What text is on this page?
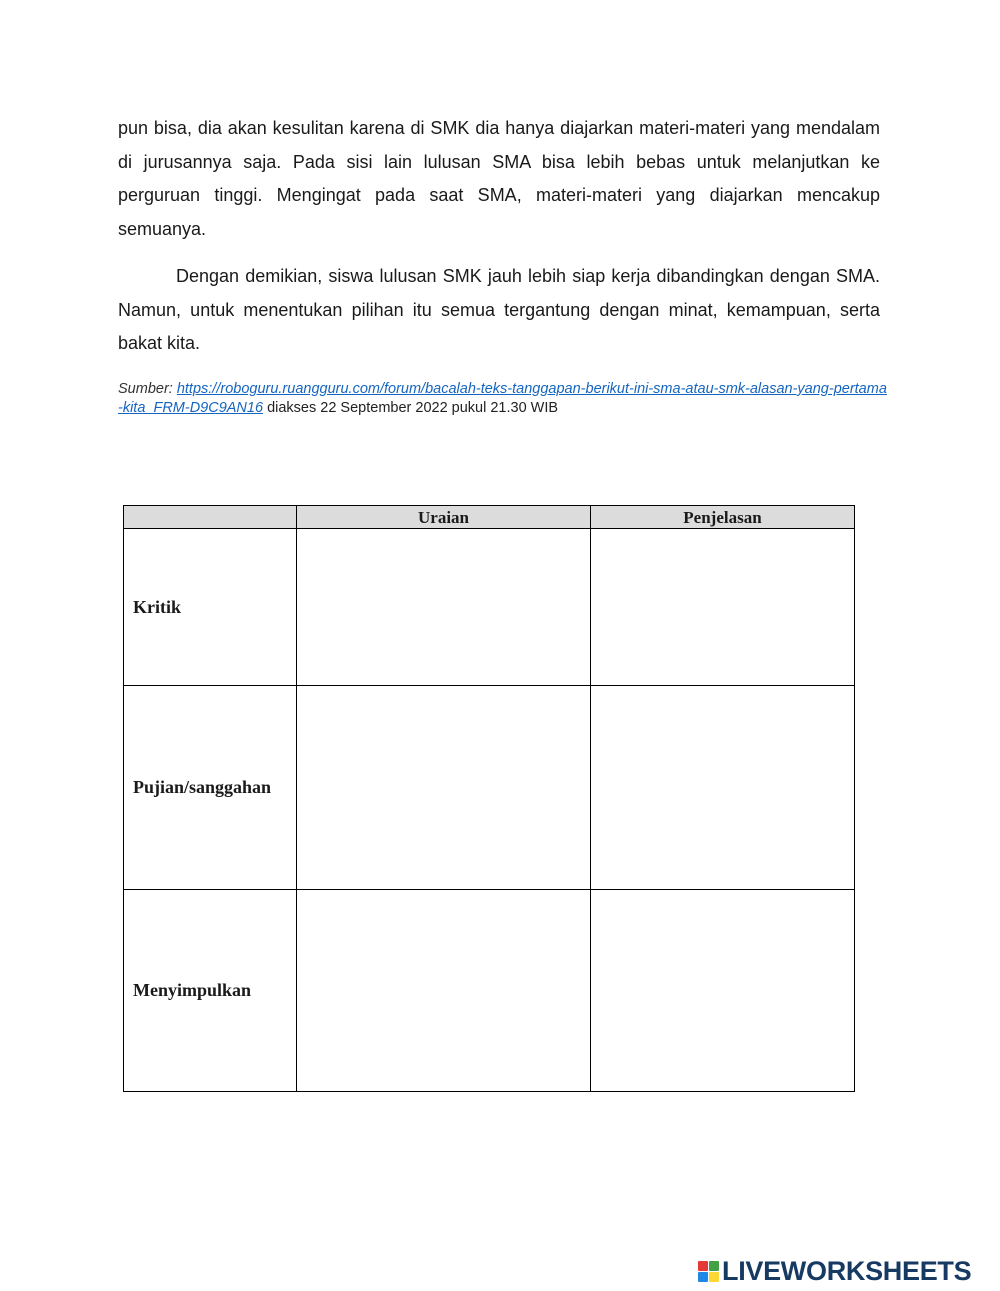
pun bisa, dia akan kesulitan karena di SMK dia hanya diajarkan materi-materi yang mendalam di jurusannya saja. Pada sisi lain lulusan SMA bisa lebih bebas untuk melanjutkan ke perguruan tinggi. Mengingat pada saat SMA, materi-materi yang diajarkan mencakup semuanya.

Dengan demikian, siswa lulusan SMK jauh lebih siap kerja dibandingkan dengan SMA. Namun, untuk menentukan pilihan itu semua tergantung dengan minat, kemampuan, serta bakat kita.

Sumber: https://roboguru.ruangguru.com/forum/bacalah-teks-tanggapan-berikut-ini-sma-atau-smk-alasan-yang-pertama-kita_FRM-D9C9AN16 diakses 22 September 2022 pukul 21.30 WIB

	Uraian	Penjelasan
Kritik		
Pujian/sanggahan		
Menyimpulkan		
LIVEWORKSHEETS
